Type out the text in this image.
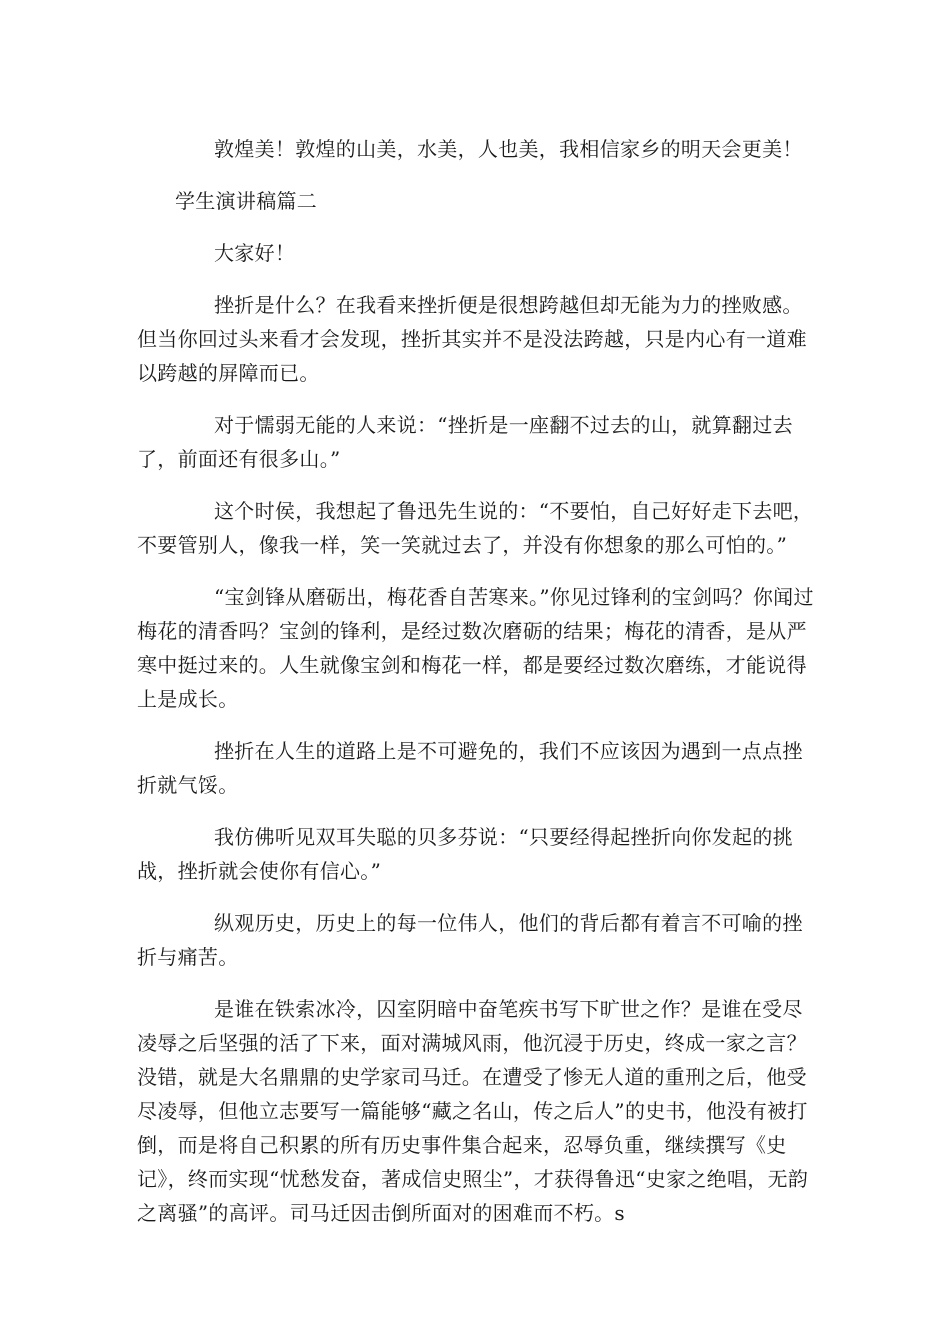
敦煌美！敦煌的山美，水美，人也美，我相信家乡的明天会更美！

学生演讲稿篇二

大家好！

挫折是什么？在我看来挫折便是很想跨越但却无能为力的挫败感。但当你回过头来看才会发现，挫折其实并不是没法跨越，只是内心有一道难以跨越的屏障而已。

对于懦弱无能的人来说：“挫折是一座翻不过去的山，就算翻过去了，前面还有很多山。”

这个时侯，我想起了鲁迅先生说的：“不要怕，自己好好走下去吧，不要管别人，像我一样，笑一笑就过去了，并没有你想象的那么可怕的。”

“宝剑锋从磨砺出，梅花香自苦寒来。”你见过锋利的宝剑吗？你闻过梅花的清香吗？宝剑的锋利，是经过数次磨砺的结果；梅花的清香，是从严寒中挺过来的。人生就像宝剑和梅花一样，都是要经过数次磨练，才能说得上是成长。

挫折在人生的道路上是不可避免的，我们不应该因为遇到一点点挫折就气馁。

我仿佛听见双耳失聪的贝多芬说：“只要经得起挫折向你发起的挑战，挫折就会使你有信心。”

纵观历史，历史上的每一位伟人，他们的背后都有着言不可喻的挫折与痛苦。

是谁在铁索冰冷，囚室阴暗中奋笔疾书写下旷世之作？是谁在受尽凌辱之后坚强的活了下来，面对满城风雨，他沉浸于历史，终成一家之言？没错，就是大名鼎鼎的史学家司马迁。在遭受了惨无人道的重刑之后，他受尽凌辱，但他立志要写一篇能够“藏之名山，传之后人”的史书，他没有被打倒，而是将自己积累的所有历史事件集合起来，忍辱负重，继续撰写《史记》，终而实现“忧愁发奋，著成信史照尘”，才获得鲁迅“史家之绝唱，无韵之离骚”的高评。司马迁因击倒所面对的困难而不朽。s
